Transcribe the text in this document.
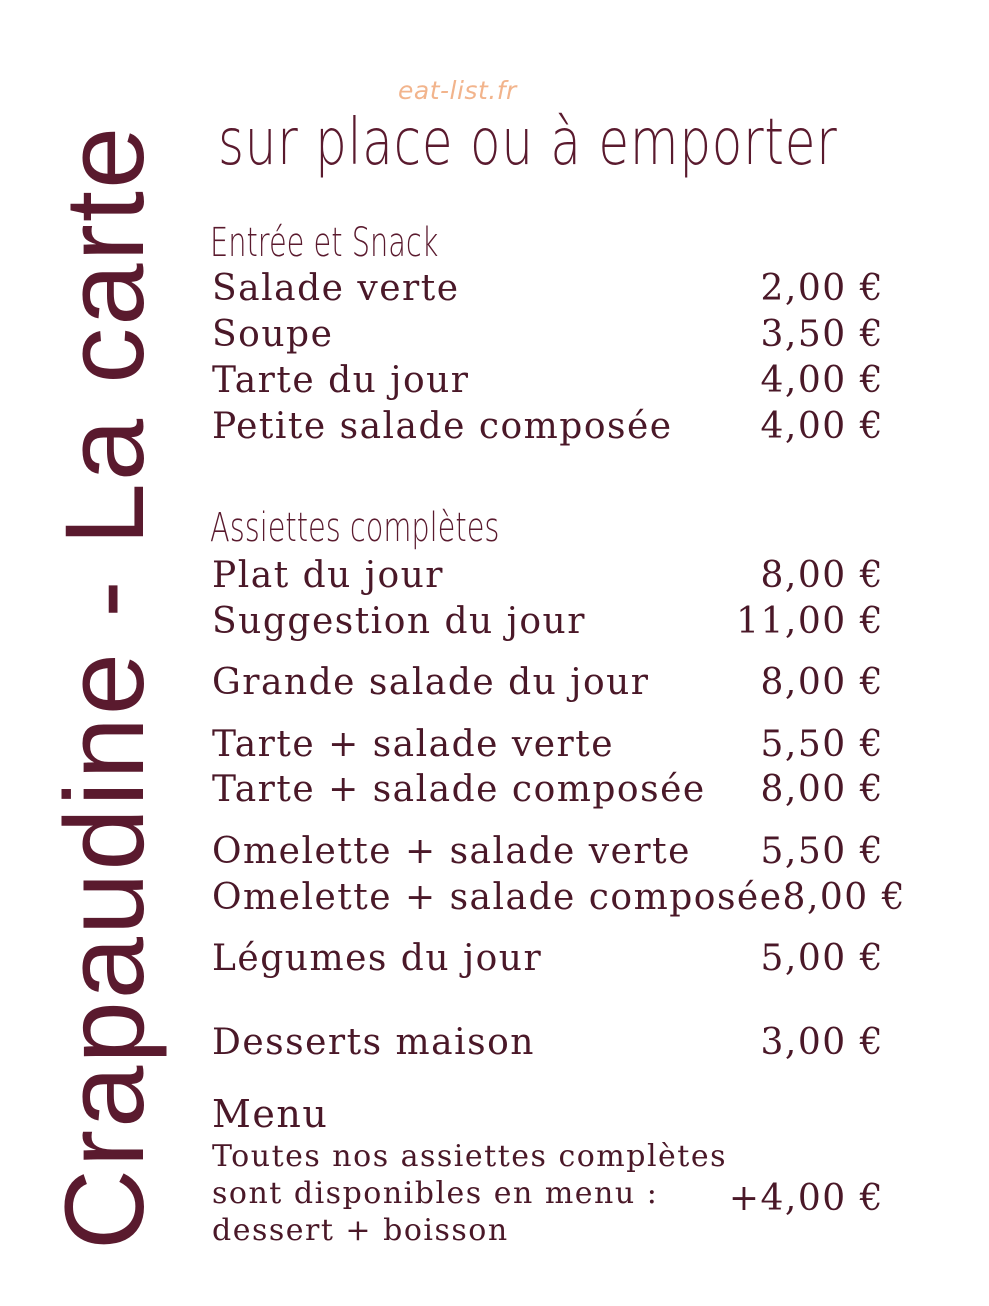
eat-list.fr
Crapaudine - La carte sur place ou à emporter
Entrée et Snack
Salade verte	2,00 €
Soupe	3,50 €
Tarte du jour	4,00 €
Petite salade composée 4,00 €
Assiettes complètes
Plat du jour	8,00 €
Suggestion du jour	11,00 €
Grande salade du jour	8,00 €
Tarte + salade verte	5,50 €
Tarte + salade composée 8,00 €
Omelette + salade verte 5,50 €
Omelette + salade composée 8,00 €
Légumes du jour	5,00 €
Desserts maison	3,00 €
Menu
Toutes nos assiettes complètes
sont disponibles en menu :
dessert + boisson
+4,00 €
